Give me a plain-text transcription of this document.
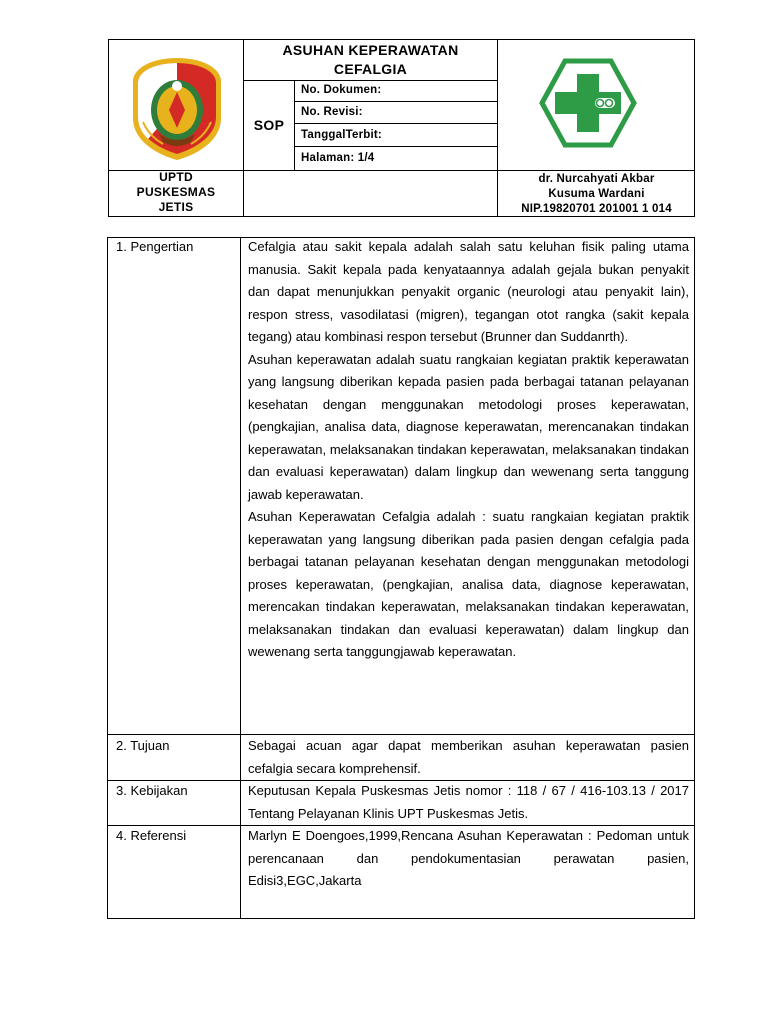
UPTD
PUSKESMAS
JETIS
ASUHAN KEPERAWATAN
CEFALGIA
SOP
No. Dokumen:
No. Revisi:
TanggalTerbit:
Halaman: 1/4
dr. Nurcahyati Akbar
Kusuma Wardani
NIP.19820701 201001 1 014
1. Pengertian	Cefalgia atau sakit kepala adalah salah satu keluhan fisik paling utama manusia. Sakit kepala pada kenyataannya adalah gejala bukan penyakit dan dapat menunjukkan penyakit organic (neurologi atau penyakit lain), respon stress, vasodilatasi (migren), tegangan otot rangka (sakit kepala tegang) atau kombinasi respon tersebut (Brunner dan Suddanrth).

Asuhan keperawatan adalah suatu rangkaian kegiatan praktik keperawatan yang langsung diberikan kepada pasien pada berbagai tatanan pelayanan kesehatan dengan menggunakan metodologi proses keperawatan, (pengkajian, analisa data, diagnose keperawatan, merencanakan tindakan keperawatan, melaksanakan tindakan keperawatan, melaksanakan tindakan dan evaluasi keperawatan) dalam lingkup dan wewenang serta tanggung jawab keperawatan.

Asuhan Keperawatan Cefalgia adalah : suatu rangkaian kegiatan praktik keperawatan yang langsung diberikan pada pasien dengan cefalgia pada berbagai tatanan pelayanan kesehatan dengan menggunakan metodologi proses keperawatan, (pengkajian, analisa data, diagnose keperawatan, merencakan tindakan keperawatan, melaksanakan tindakan keperawatan, melaksanakan tindakan dan evaluasi keperawatan) dalam lingkup dan wewenang serta tanggungjawab keperawatan.

2. Tujuan	Sebagai acuan agar dapat memberikan asuhan keperawatan pasien cefalgia secara komprehensif.

3. Kebijakan	Keputusan Kepala Puskesmas Jetis nomor : 118 / 67 / 416-103.13 / 2017 Tentang Pelayanan Klinis UPT Puskesmas Jetis.

4. Referensi	Marlyn E Doengoes,1999,Rencana Asuhan Keperawatan : Pedoman untuk perencanaan dan pendokumentasian perawatan pasien, Edisi3,EGC,Jakarta
